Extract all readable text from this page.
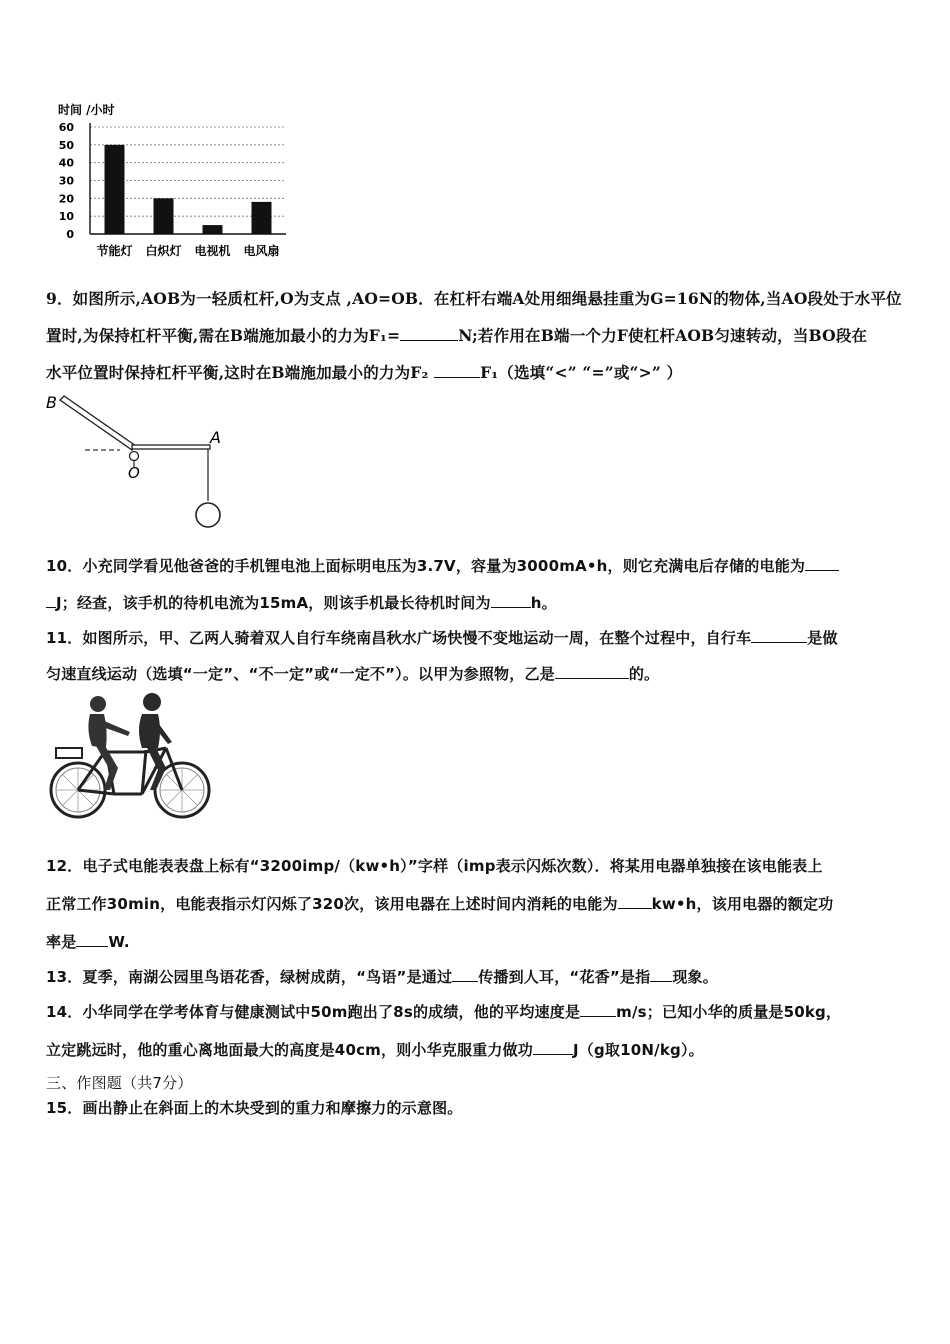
时间 /小时
0
10
20
30
40
50
60
节能灯 白炽灯 电视机 电风扇
9．如图所示,AOB为一轻质杠杆,O为支点 ,AO=OB．在杠杆右端A处用细绳悬挂重为G=16N的物体,当AO段处于水平位
置时,为保持杠杆平衡,需在B端施加最小的力为F₁=	N;若作用在B端一个力F使杠杆AOB匀速转动，当BO段在
水平位置时保持杠杆平衡,这时在B端施加最小的力为F₂	F₁（选填“<” “=”或“>” ）
B
A
O
10．小充同学看见他爸爸的手机锂电池上面标明电压为3.7V，容量为3000mA•h，则它充满电后存储的电能为
J；经查，该手机的待机电流为15mA，则该手机最长待机时间为	h。
11．如图所示，甲、乙两人骑着双人自行车绕南昌秋水广场快慢不变地运动一周，在整个过程中，自行车	是做
匀速直线运动（选填“一定”、“不一定”或“一定不”）。以甲为参照物，乙是	的。
12．电子式电能表表盘上标有“3200imp/（kw•h）”字样（imp表示闪烁次数）．将某用电器单独接在该电能表上
正常工作30min，电能表指示灯闪烁了320次，该用电器在上述时间内消耗的电能为 kw•h，该用电器的额定功
率是 W.
13．夏季，南湖公园里鸟语花香，绿树成荫，“鸟语”是通过 传播到人耳，“花香”是指 现象。
14．小华同学在学考体育与健康测试中50m跑出了8s的成绩，他的平均速度是 m/s；已知小华的质量是50kg，
立定跳远时，他的重心离地面最大的高度是40cm，则小华克服重力做功	J（g取10N/kg）。
三、作图题（共7分）
15．画出静止在斜面上的木块受到的重力和摩擦力的示意图。
